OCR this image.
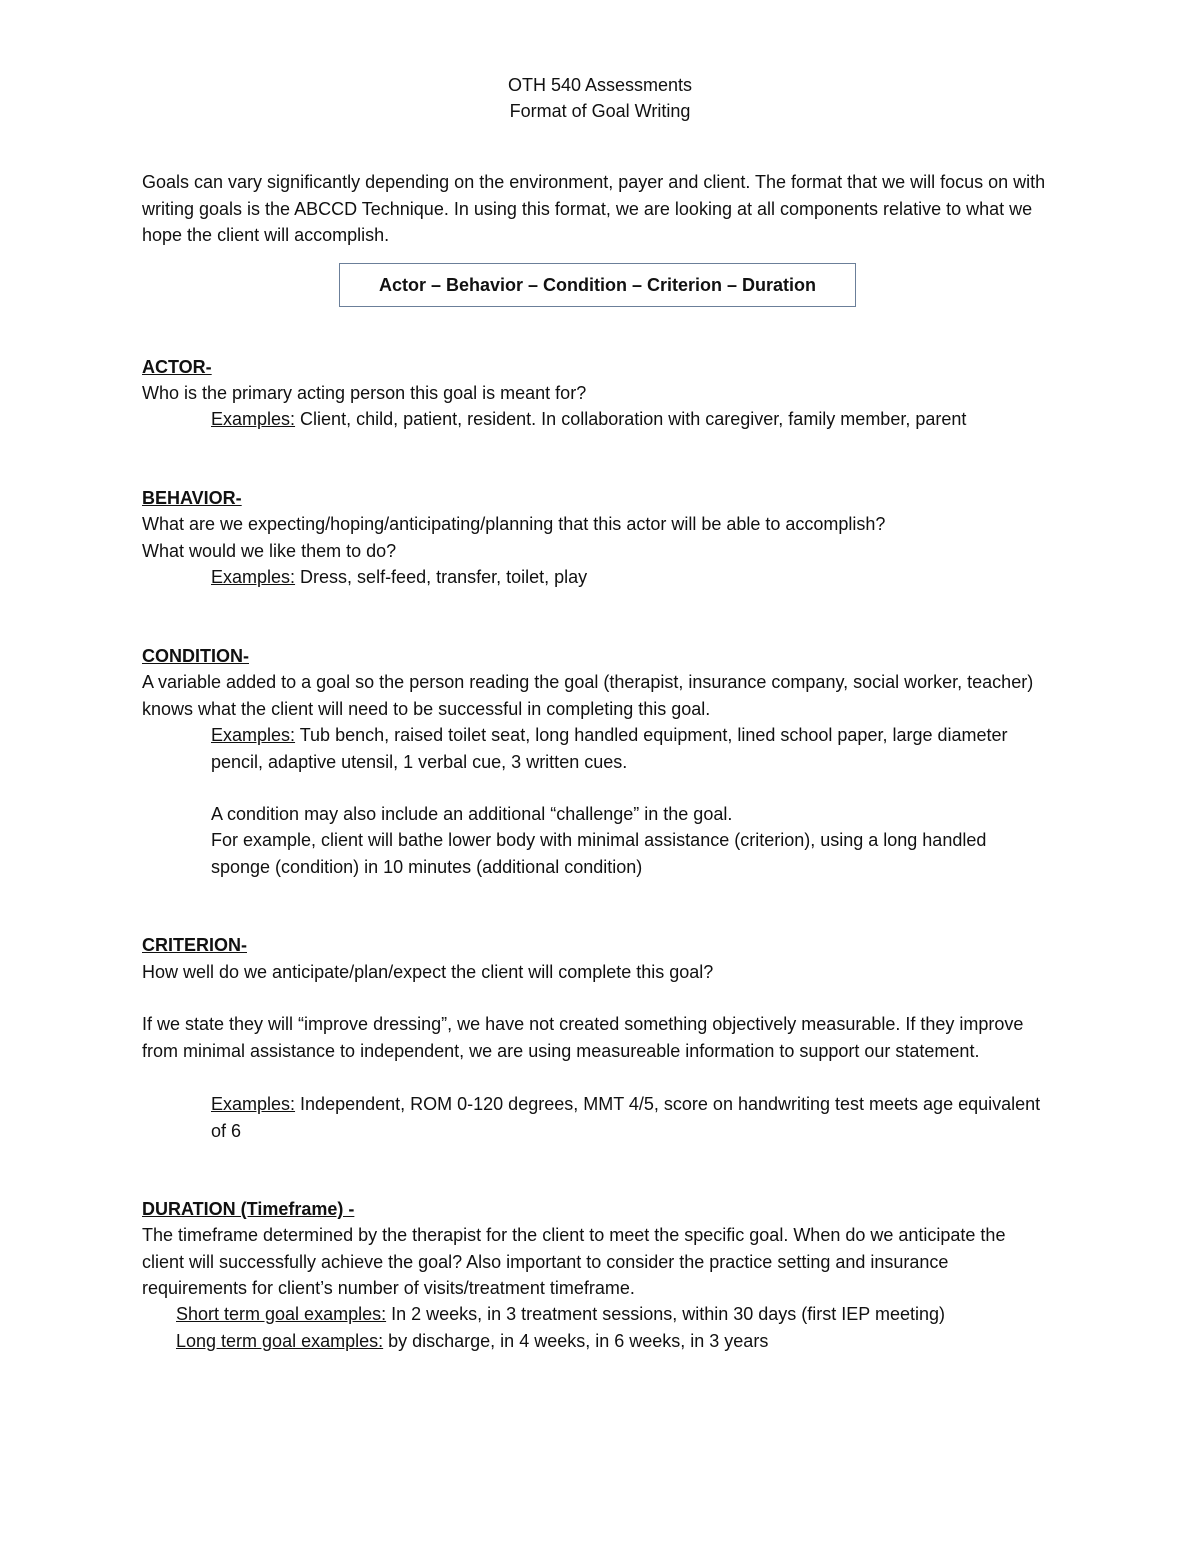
OTH 540 Assessments
Format of Goal Writing

Goals can vary significantly depending on the environment, payer and client. The format that we will focus on with writing goals is the ABCCD Technique. In using this format, we are looking at all components relative to what we hope the client will accomplish.

Actor – Behavior – Condition – Criterion – Duration
ACTOR-
Who is the primary acting person this goal is meant for?
Examples: Client, child, patient, resident. In collaboration with caregiver, family member, parent
BEHAVIOR-
What are we expecting/hoping/anticipating/planning that this actor will be able to accomplish?
What would we like them to do?
Examples: Dress, self-feed, transfer, toilet, play
CONDITION-

A variable added to a goal so the person reading the goal (therapist, insurance company, social worker, teacher) knows what the client will need to be successful in completing this goal.

Examples: Tub bench, raised toilet seat, long handled equipment, lined school paper, large diameter pencil, adaptive utensil, 1 verbal cue, 3 written cues.

A condition may also include an additional “challenge” in the goal.

For example, client will bathe lower body with minimal assistance (criterion), using a long handled sponge (condition) in 10 minutes (additional condition)

CRITERION-
How well do we anticipate/plan/expect the client will complete this goal?

If we state they will “improve dressing”, we have not created something objectively measurable. If they improve from minimal assistance to independent, we are using measureable information to support our statement.

Examples: Independent, ROM 0-120 degrees, MMT 4/5, score on handwriting test meets age equivalent of 6

DURATION (Timeframe) -

The timeframe determined by the therapist for the client to meet the specific goal. When do we anticipate the client will successfully achieve the goal? Also important to consider the practice setting and insurance requirements for client’s number of visits/treatment timeframe.

Short term goal examples: In 2 weeks, in 3 treatment sessions, within 30 days (first IEP meeting)
Long term goal examples: by discharge, in 4 weeks, in 6 weeks, in 3 years
